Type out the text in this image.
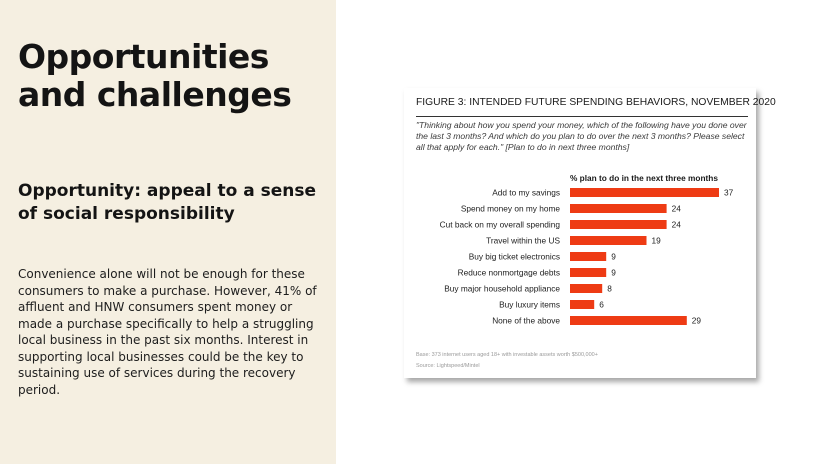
Opportunities and challenges
Opportunity: appeal to a sense of social responsibility

Convenience alone will not be enough for these consumers to make a purchase. However, 41% of affluent and HNW consumers spent money or made a purchase specifically to help a struggling local business in the past six months. Interest in supporting local businesses could be the key to sustaining use of services during the recovery period.

FIGURE 3: INTENDED FUTURE SPENDING BEHAVIORS, NOVEMBER 2020
"Thinking about how you spend your money, which of the following have you done over the last 3 months? And which do you plan to do over the next 3 months? Please select all that apply for each." [Plan to do in next three months]
% plan to do in the next three months
Add to my savings	37
Spend money on my home	24
Cut back on my overall spending	24
Travel within the US	19
Buy big ticket electronics	9
Reduce nonmortgage debts	9
Buy major household appliance	8
Buy luxury items	6
None of the above	29
Base: 373 internet users aged 18+ with investable assets worth $500,000+
Source: Lightspeed/Mintel
